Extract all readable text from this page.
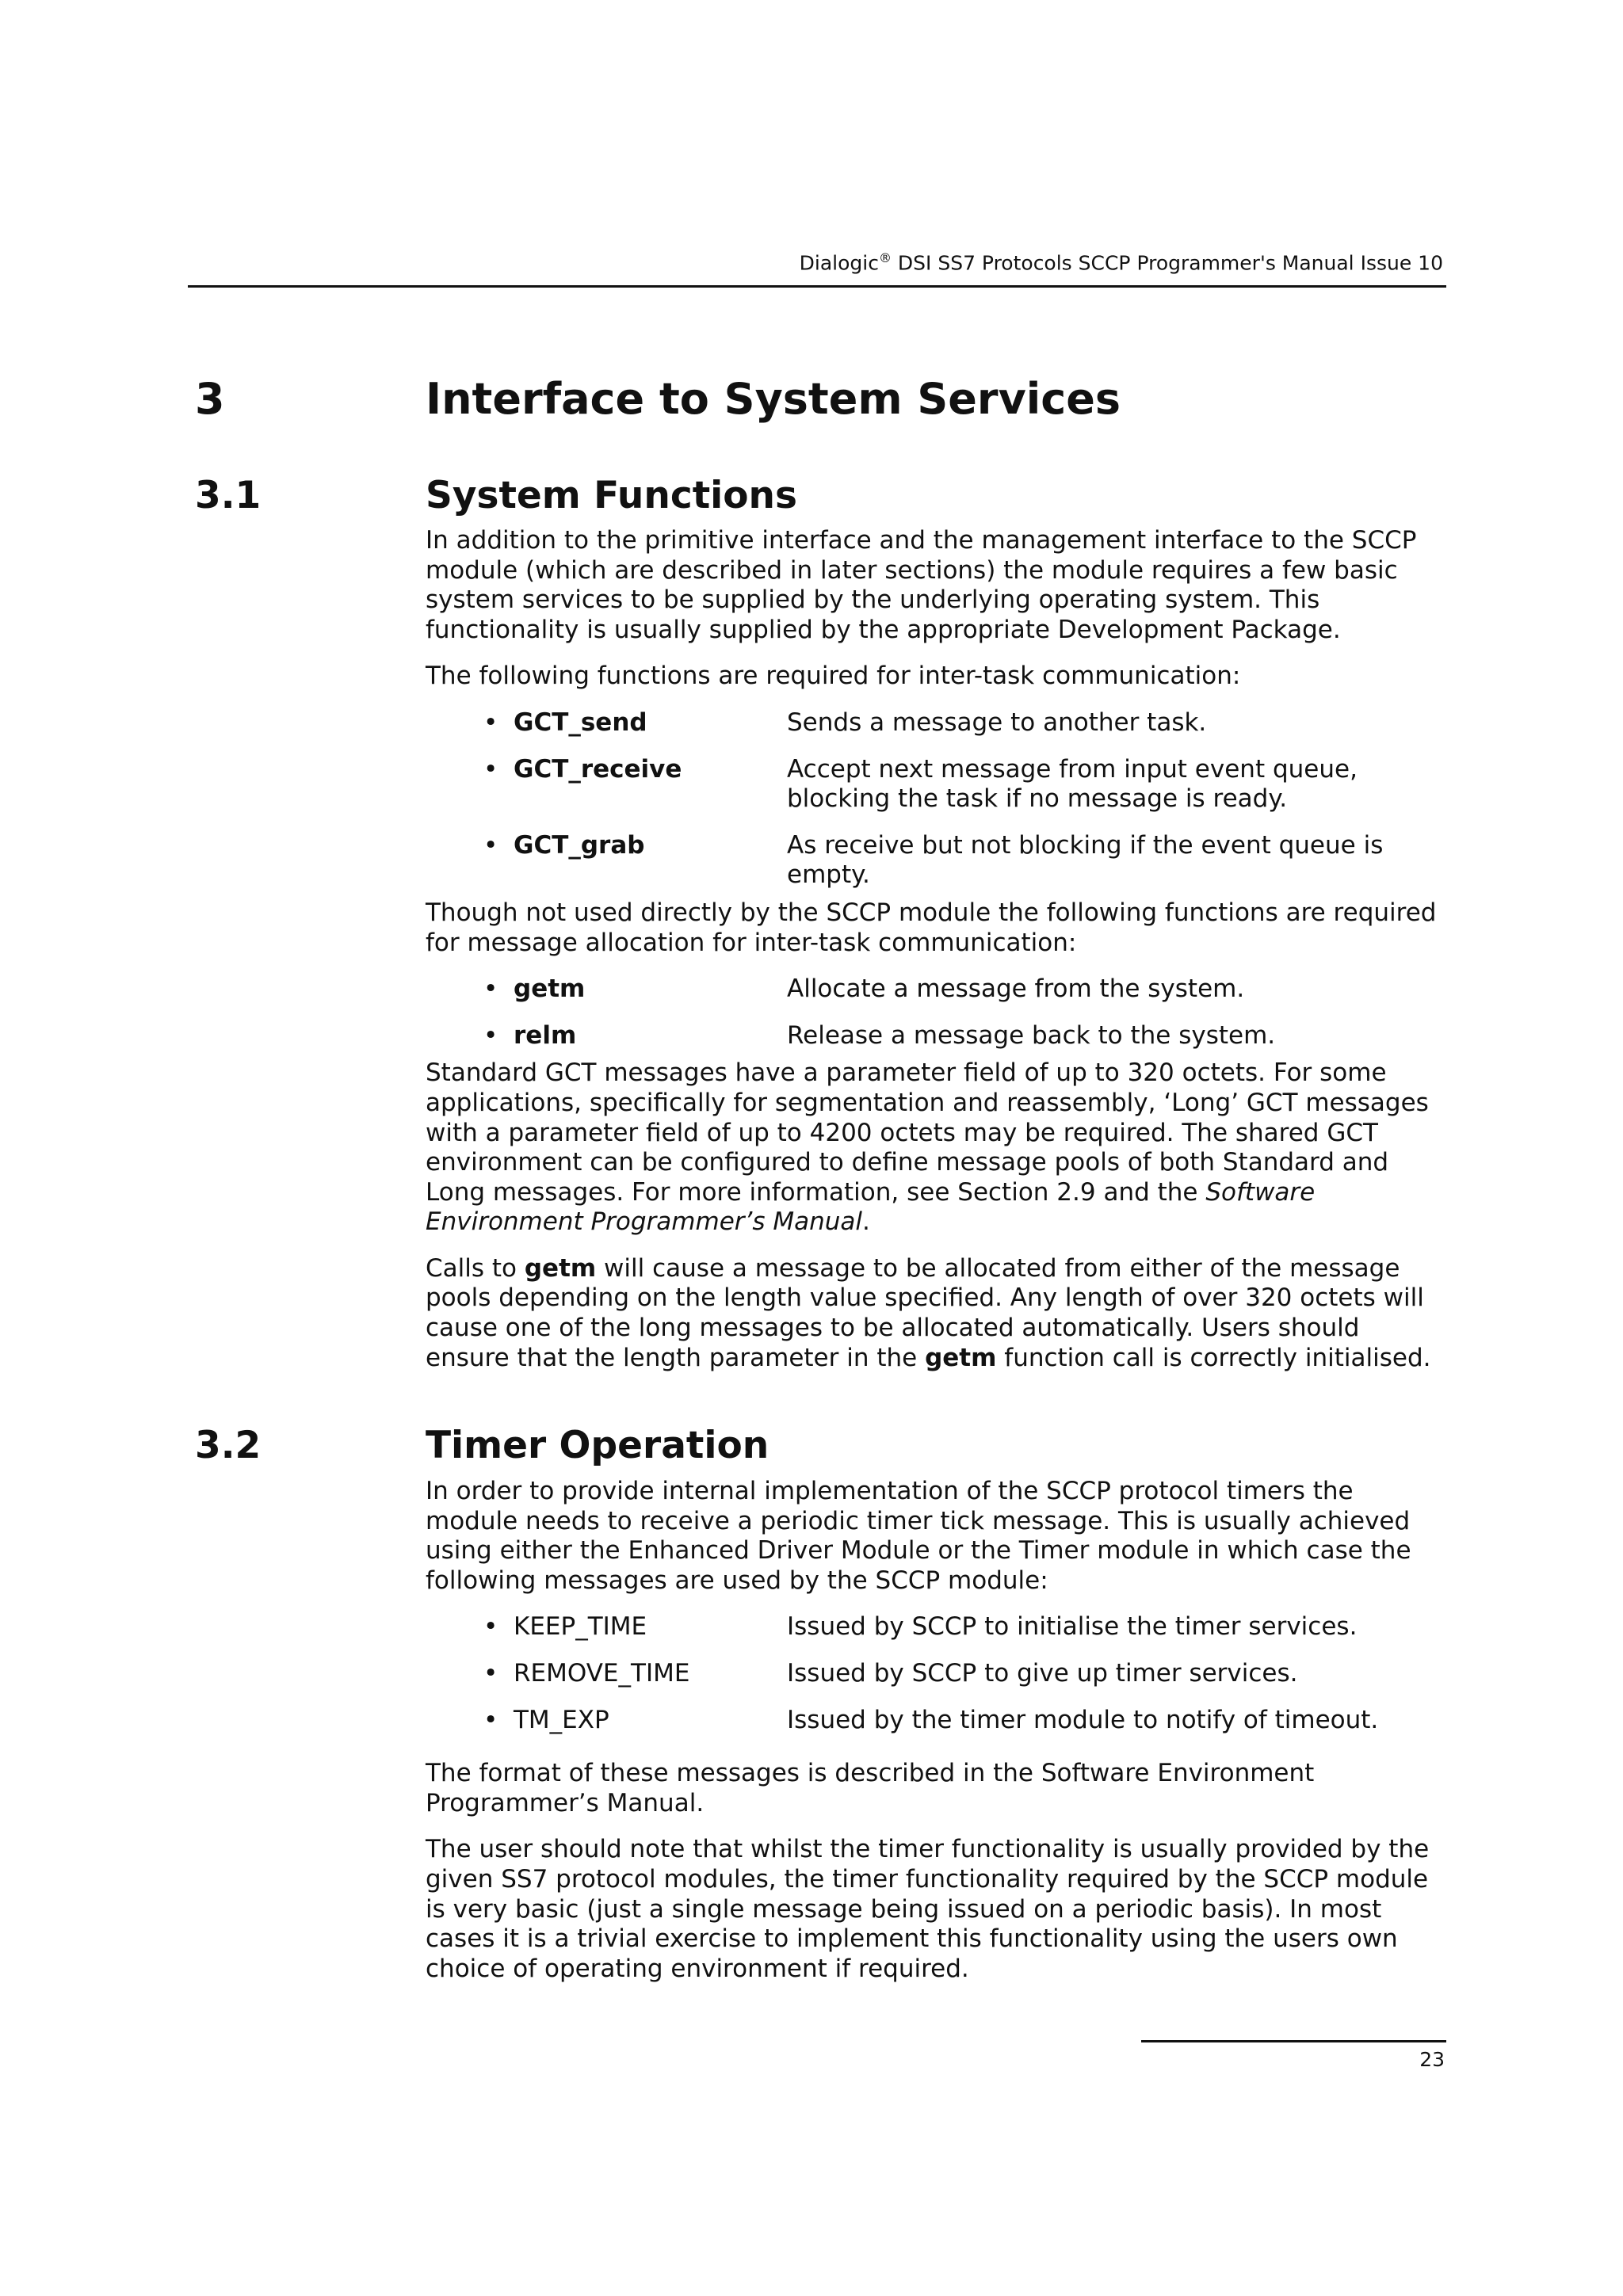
Dialogic® DSI SS7 Protocols SCCP Programmer's Manual Issue 10
3	Interface to System Services
3.1	System Functions

In addition to the primitive interface and the management interface to the SCCP module (which are described in later sections) the module requires a few basic system services to be supplied by the underlying operating system. This functionality is usually supplied by the appropriate Development Package.

The following functions are required for inter-task communication:

• GCT_send	Sends a message to another task.
• GCT_receive	Accept next message from input event queue, blocking the task if no message is ready.
• GCT_grab	As receive but not blocking if the event queue is empty.

Though not used directly by the SCCP module the following functions are required for message allocation for inter-task communication:

• getm	Allocate a message from the system.
• relm	Release a message back to the system.

Standard GCT messages have a parameter field of up to 320 octets. For some applications, specifically for segmentation and reassembly, ‘Long’ GCT messages with a parameter field of up to 4200 octets may be required. The shared GCT environment can be configured to define message pools of both Standard and Long messages. For more information, see Section 2.9 and the Software Environment Programmer’s Manual.

Calls to getm will cause a message to be allocated from either of the message pools depending on the length value specified. Any length of over 320 octets will cause one of the long messages to be allocated automatically. Users should ensure that the length parameter in the getm function call is correctly initialised.

3.2	Timer Operation

In order to provide internal implementation of the SCCP protocol timers the module needs to receive a periodic timer tick message. This is usually achieved using either the Enhanced Driver Module or the Timer module in which case the following messages are used by the SCCP module:

• KEEP_TIME	Issued by SCCP to initialise the timer services.
• REMOVE_TIME	Issued by SCCP to give up timer services.
• TM_EXP	Issued by the timer module to notify of timeout.

The format of these messages is described in the Software Environment Programmer’s Manual.

The user should note that whilst the timer functionality is usually provided by the given SS7 protocol modules, the timer functionality required by the SCCP module is very basic (just a single message being issued on a periodic basis). In most cases it is a trivial exercise to implement this functionality using the users own choice of operating environment if required.

23
